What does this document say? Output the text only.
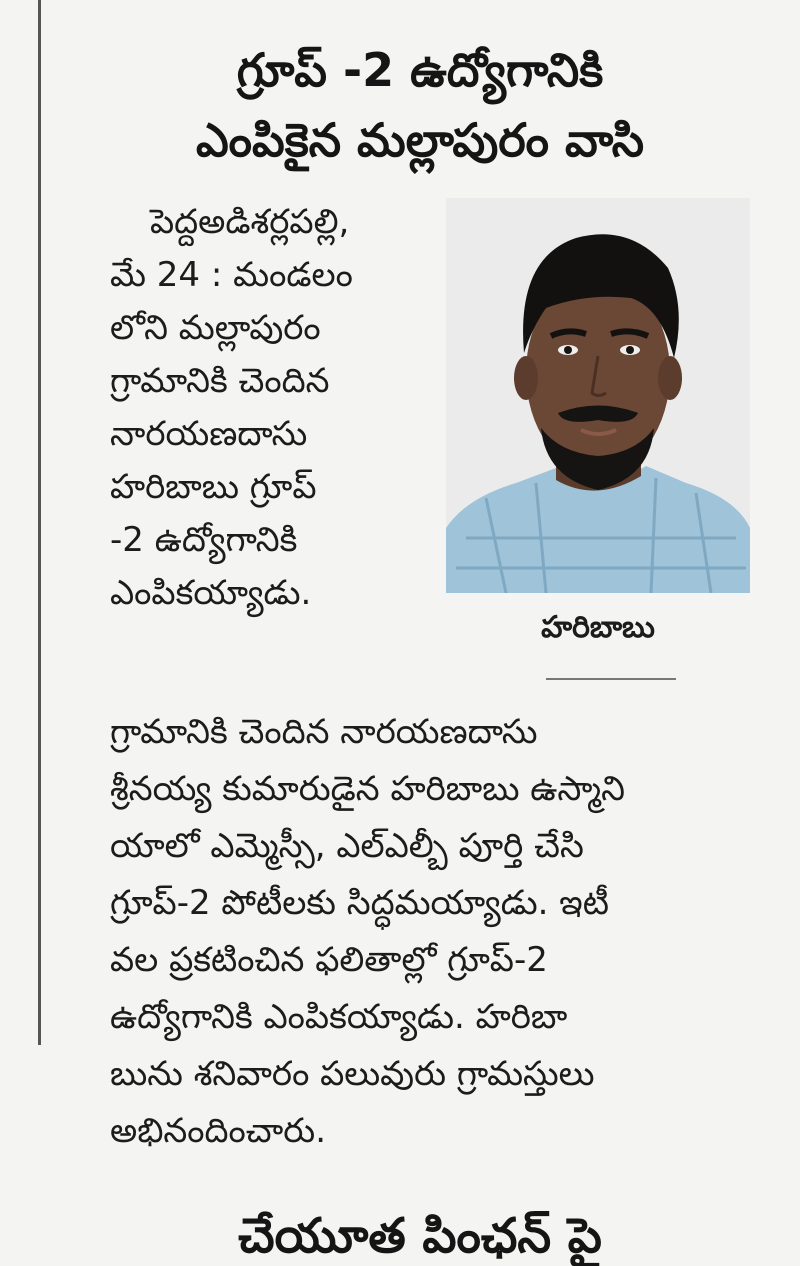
గ్రూప్ -2 ఉద్యోగానికి
ఎంపికైన మల్లాపురం వాసి
పెద్దఅడిశర్లపల్లి,
మే 24 : మండలం
లోని మల్లాపురం
గ్రామానికి చెందిన
నారయణదాసు
హరిబాబు గ్రూప్
-2 ఉద్యోగానికి
ఎంపికయ్యాడు.
హరిబాబు
గ్రామానికి చెందిన నారయణదాసు
శ్రీనయ్య కుమారుడైన హరిబాబు ఉస్మాని
యాలో ఎమ్మెస్సీ, ఎల్ఎల్బీ పూర్తి చేసి
గ్రూప్-2 పోటీలకు సిద్ధమయ్యాడు. ఇటీ
వల ప్రకటించిన ఫలితాల్లో గ్రూప్-2
ఉద్యోగానికి ఎంపికయ్యాడు. హరిబా
బును శనివారం పలువురు గ్రామస్తులు
అభినందించారు.
చేయూత పింఛన్ పై
